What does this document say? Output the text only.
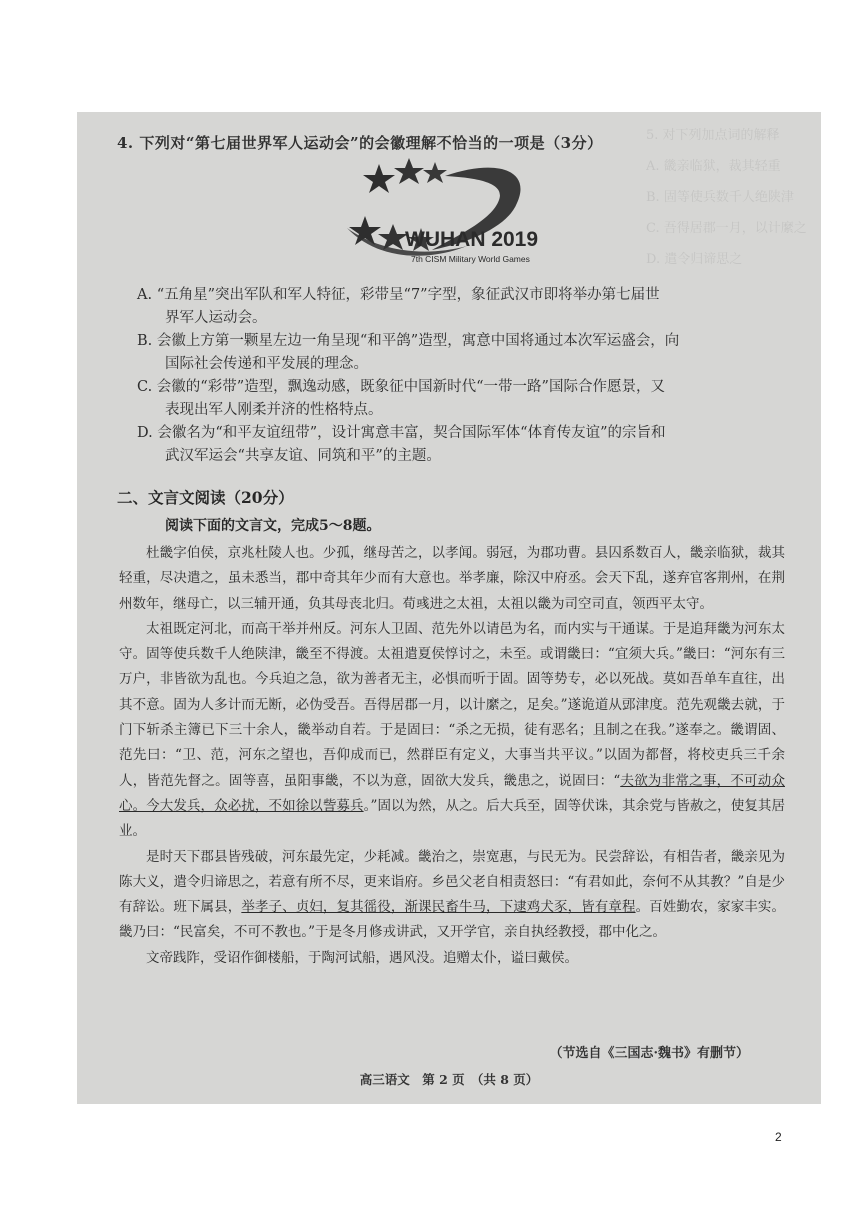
5. 对下列加点词的解释
A. 畿亲临狱，裁其轻重
B. 固等使兵数千人绝陕津
C. 吾得居郡一月，以计縻之
D. 遣令归谛思之
4. 下列对“第七届世界军人运动会”的会徽理解不恰当的一项是（3分）
WUHAN 2019
7th CISM Military World Games
A. “五角星”突出军队和军人特征，彩带呈“7”字型，象征武汉市即将举办第七届世
界军人运动会。
B. 会徽上方第一颗星左边一角呈现“和平鸽”造型，寓意中国将通过本次军运盛会，向
国际社会传递和平发展的理念。
C. 会徽的“彩带”造型，飘逸动感，既象征中国新时代“一带一路”国际合作愿景，又
表现出军人刚柔并济的性格特点。
D. 会徽名为“和平友谊纽带”，设计寓意丰富，契合国际军体“体育传友谊”的宗旨和
武汉军运会“共享友谊、同筑和平”的主题。
二、文言文阅读（20分）
阅读下面的文言文，完成5～8题。

杜畿字伯侯，京兆杜陵人也。少孤，继母苦之，以孝闻。弱冠，为郡功曹。县囚系数百人，畿亲临狱，裁其轻重，尽决遣之，虽未悉当，郡中奇其年少而有大意也。举孝廉，除汉中府丞。会天下乱，遂弃官客荆州，在荆州数年，继母亡，以三辅开通，负其母丧北归。荀彧进之太祖，太祖以畿为司空司直，领西平太守。

太祖既定河北，而高干举并州反。河东人卫固、范先外以请邑为名，而内实与干通谋。于是追拜畿为河东太守。固等使兵数千人绝陕津，畿至不得渡。太祖遣夏侯惇讨之，未至。或谓畿曰：“宜须大兵。”畿曰：“河东有三万户，非皆欲为乱也。今兵迫之急，欲为善者无主，必惧而听于固。固等势专，必以死战。莫如吾单车直往，出其不意。固为人多计而无断，必伪受吾。吾得居郡一月，以计縻之，足矣。”遂诡道从郖津度。范先观畿去就，于门下斩杀主簿已下三十余人，畿举动自若。于是固曰：“杀之无损，徒有恶名；且制之在我。”遂奉之。畿谓固、范先曰：“卫、范，河东之望也，吾仰成而已，然群臣有定义，大事当共平议。”以固为都督，将校吏兵三千余人，皆范先督之。固等喜，虽阳事畿，不以为意，固欲大发兵，畿患之，说固曰：“夫欲为非常之事，不可动众心。今大发兵，众必扰，不如徐以訾募兵。”固以为然，从之。后大兵至，固等伏诛，其余党与皆赦之，使复其居业。

是时天下郡县皆残破，河东最先定，少耗减。畿治之，崇宽惠，与民无为。民尝辞讼，有相告者，畿亲见为陈大义，遣令归谛思之，若意有所不尽，更来诣府。乡邑父老自相责怒曰：“有君如此，奈何不从其教？”自是少有辞讼。班下属县，举孝子、贞妇，复其徭役，渐课民畜牛马，下逮鸡犬豕，皆有章程。百姓勤农，家家丰实。畿乃曰：“民富矣，不可不教也。”于是冬月修戎讲武，又开学官，亲自执经教授，郡中化之。

文帝践阼，受诏作御楼船，于陶河试船，遇风没。追赠太仆，谥曰戴侯。

（节选自《三国志·魏书》有删节）
高三语文　第 2 页　（共 8 页）
2
